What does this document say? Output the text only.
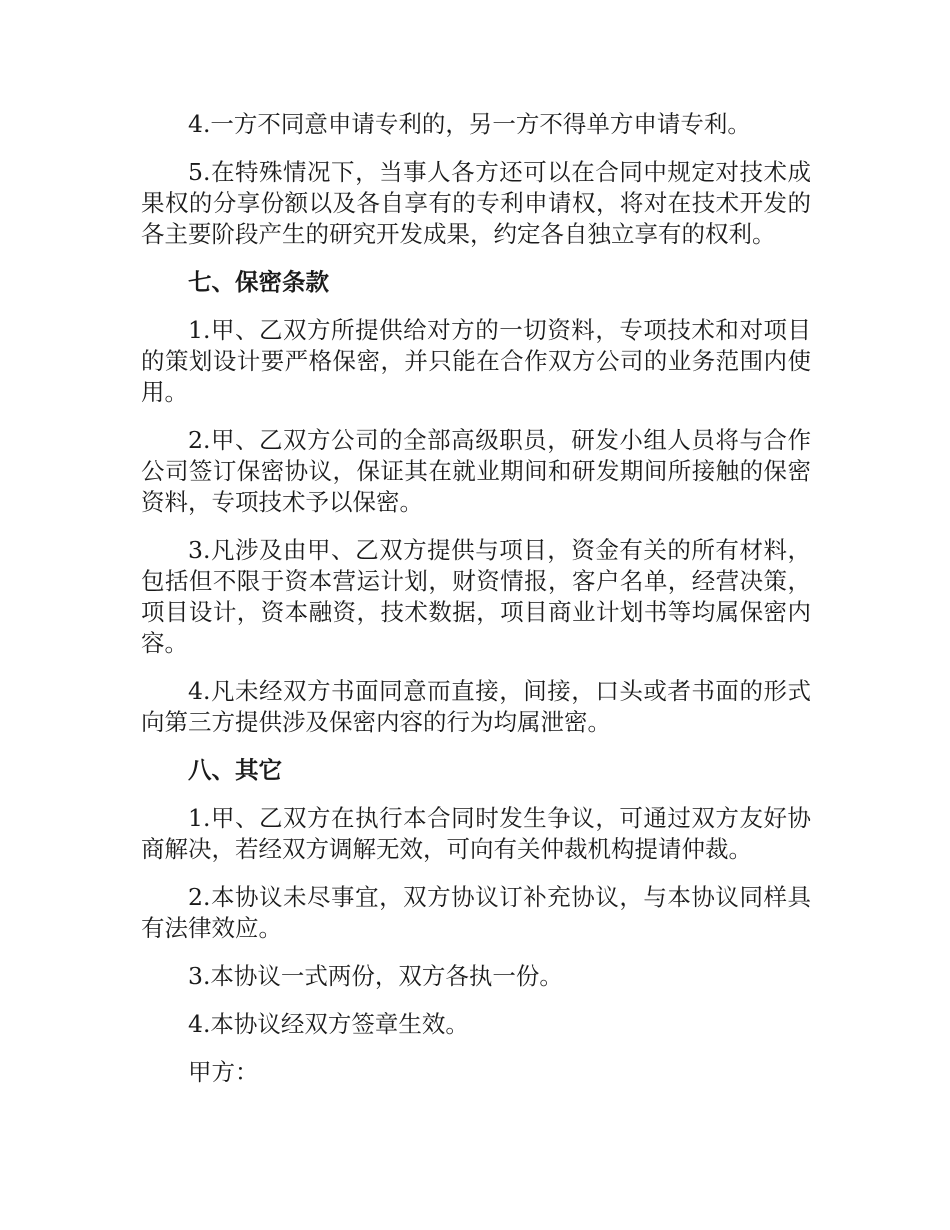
4.一方不同意申请专利的，另一方不得单方申请专利。

5.在特殊情况下，当事人各方还可以在合同中规定对技术成果权的分享份额以及各自享有的专利申请权，将对在技术开发的各主要阶段产生的研究开发成果，约定各自独立享有的权利。

七、保密条款

1.甲、乙双方所提供给对方的一切资料，专项技术和对项目的策划设计要严格保密，并只能在合作双方公司的业务范围内使用。

2.甲、乙双方公司的全部高级职员，研发小组人员将与合作公司签订保密协议，保证其在就业期间和研发期间所接触的保密资料，专项技术予以保密。

3.凡涉及由甲、乙双方提供与项目，资金有关的所有材料，包括但不限于资本营运计划，财资情报，客户名单，经营决策，项目设计，资本融资，技术数据，项目商业计划书等均属保密内容。

4.凡未经双方书面同意而直接，间接，口头或者书面的形式向第三方提供涉及保密内容的行为均属泄密。

八、其它

1.甲、乙双方在执行本合同时发生争议，可通过双方友好协商解决，若经双方调解无效，可向有关仲裁机构提请仲裁。

2.本协议未尽事宜，双方协议订补充协议，与本协议同样具有法律效应。

3.本协议一式两份，双方各执一份。

4.本协议经双方签章生效。

甲方：
